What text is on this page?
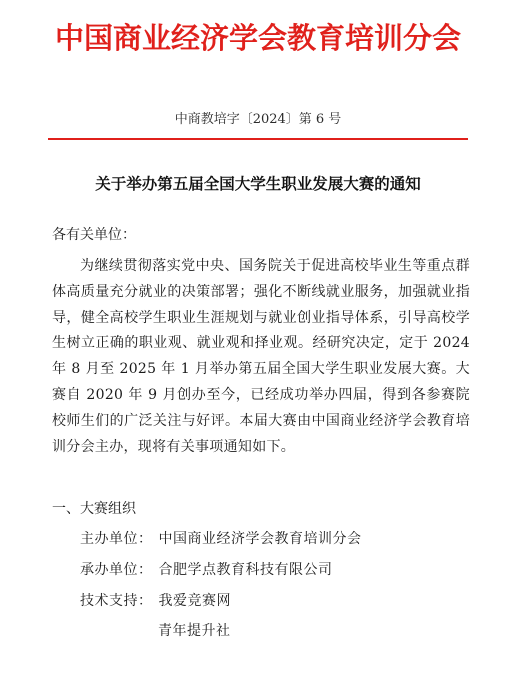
中国商业经济学会教育培训分会
中商教培字〔2024〕第 6 号
关于举办第五届全国大学生职业发展大赛的通知
各有关单位：
为继续贯彻落实党中央、国务院关于促进高校毕业生等重点群体高质量充分就业的决策部署；强化不断线就业服务，加强就业指导，健全高校学生职业生涯规划与就业创业指导体系，引导高校学生树立正确的职业观、就业观和择业观。经研究决定，定于 2024 年 8 月至 2025 年 1 月举办第五届全国大学生职业发展大赛。大赛自 2020 年 9 月创办至今，已经成功举办四届，得到各参赛院校师生们的广泛关注与好评。本届大赛由中国商业经济学会教育培训分会主办，现将有关事项通知如下。
一、大赛组织
主办单位： 中国商业经济学会教育培训分会
承办单位： 合肥学点教育科技有限公司
技术支持： 我爱竞赛网
青年提升社
